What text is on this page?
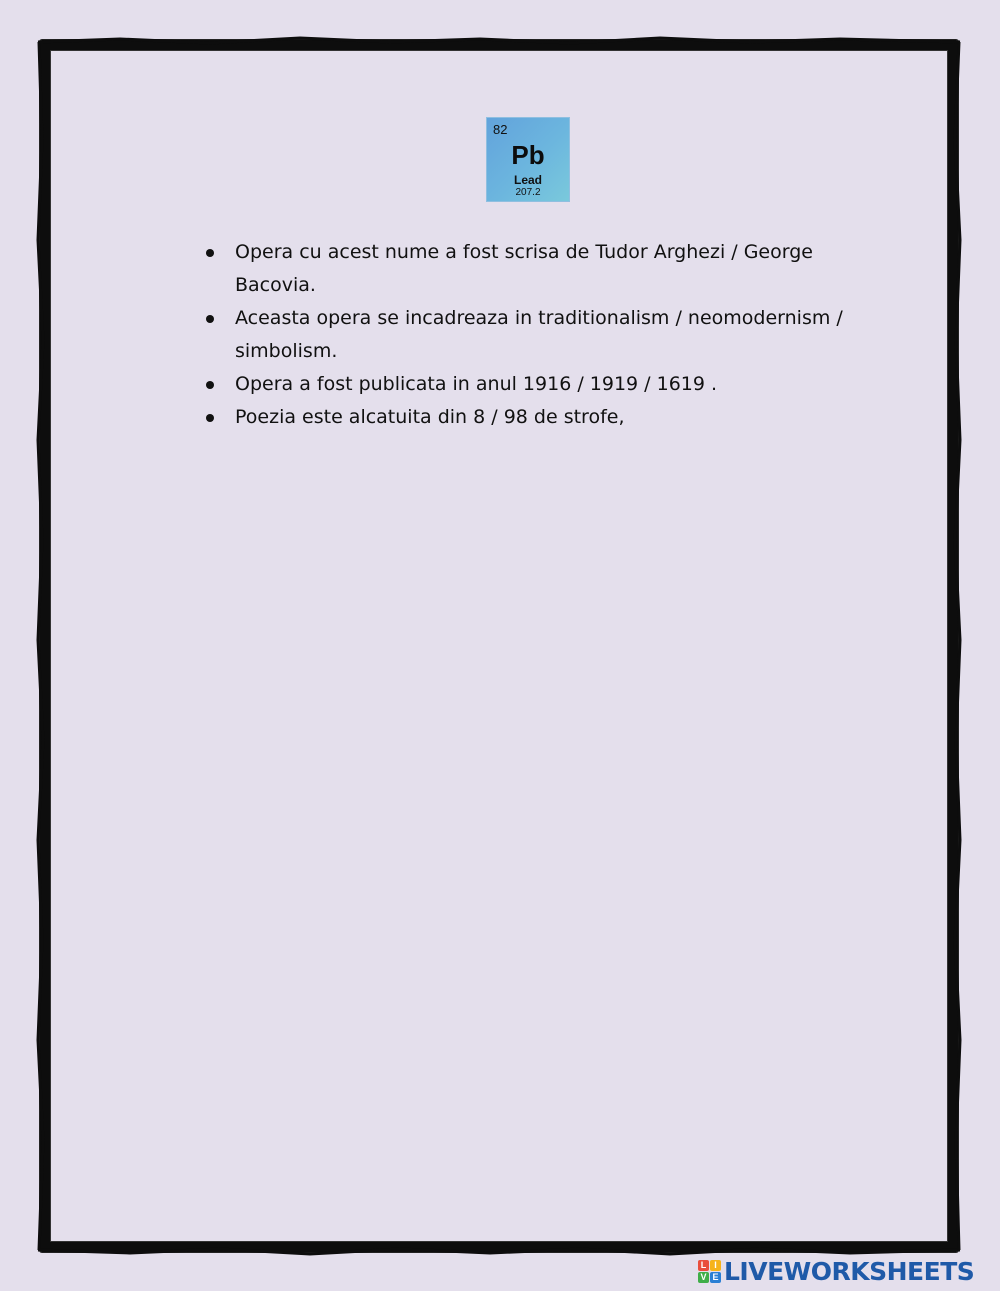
82
Pb
Lead
207.2
Opera cu acest nume a fost scrisa de Tudor Arghezi / George Bacovia.
Aceasta opera se incadreaza in traditionalism / neomodernism / simbolism.
Opera a fost publicata in anul 1916 / 1919 / 1619 .
Poezia este alcatuita din 8 / 98 de strofe,
L I
V E LIVEWORKSHEETS
